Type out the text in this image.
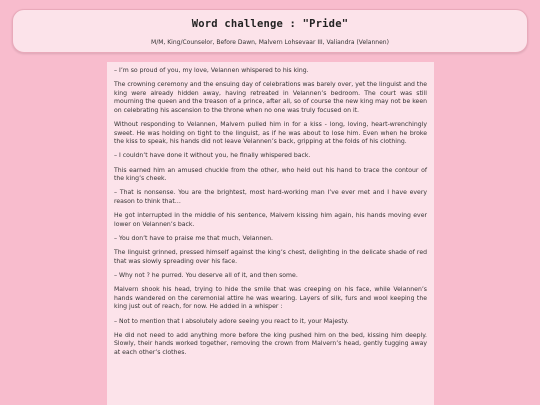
Word challenge : "Pride"
M/M, King/Counselor, Before Dawn, Malvern Lohsevaar III, Valiandra (Velannen)

– I’m so proud of you, my love, Velannen whispered to his king.

The crowning ceremony and the ensuing day of celebrations was barely over, yet the linguist and the king were already hidden away, having retreated in Velannen’s bedroom. The court was still mourning the queen and the treason of a prince, after all, so of course the new king may not be keen on celebrating his ascension to the throne when no one was truly focused on it.

Without responding to Velannen, Malvern pulled him in for a kiss - long, loving, heart-wrenchingly sweet. He was holding on tight to the linguist, as if he was about to lose him. Even when he broke the kiss to speak, his hands did not leave Velannen’s back, gripping at the folds of his clothing.

– I couldn’t have done it without you, he finally whispered back.

This earned him an amused chuckle from the other, who held out his hand to trace the contour of the king’s cheek.

– That is nonsense. You are the brightest, most hard-working man I’ve ever met and I have every reason to think that…

He got interrupted in the middle of his sentence, Malvern kissing him again, his hands moving ever lower on Velannen’s back.

– You don’t have to praise me that much, Velannen.

The linguist grinned, pressed himself against the king’s chest, delighting in the delicate shade of red that was slowly spreading over his face.

– Why not ? he purred. You deserve all of it, and then some.

Malvern shook his head, trying to hide the smile that was creeping on his face, while Velannen’s hands wandered on the ceremonial attire he was wearing. Layers of silk, furs and wool keeping the king just out of reach, for now. He added in a whisper :

– Not to mention that I absolutely adore seeing you react to it, your Majesty.

He did not need to add anything more before the king pushed him on the bed, kissing him deeply. Slowly, their hands worked together, removing the crown from Malvern’s head, gently tugging away at each other’s clothes.
